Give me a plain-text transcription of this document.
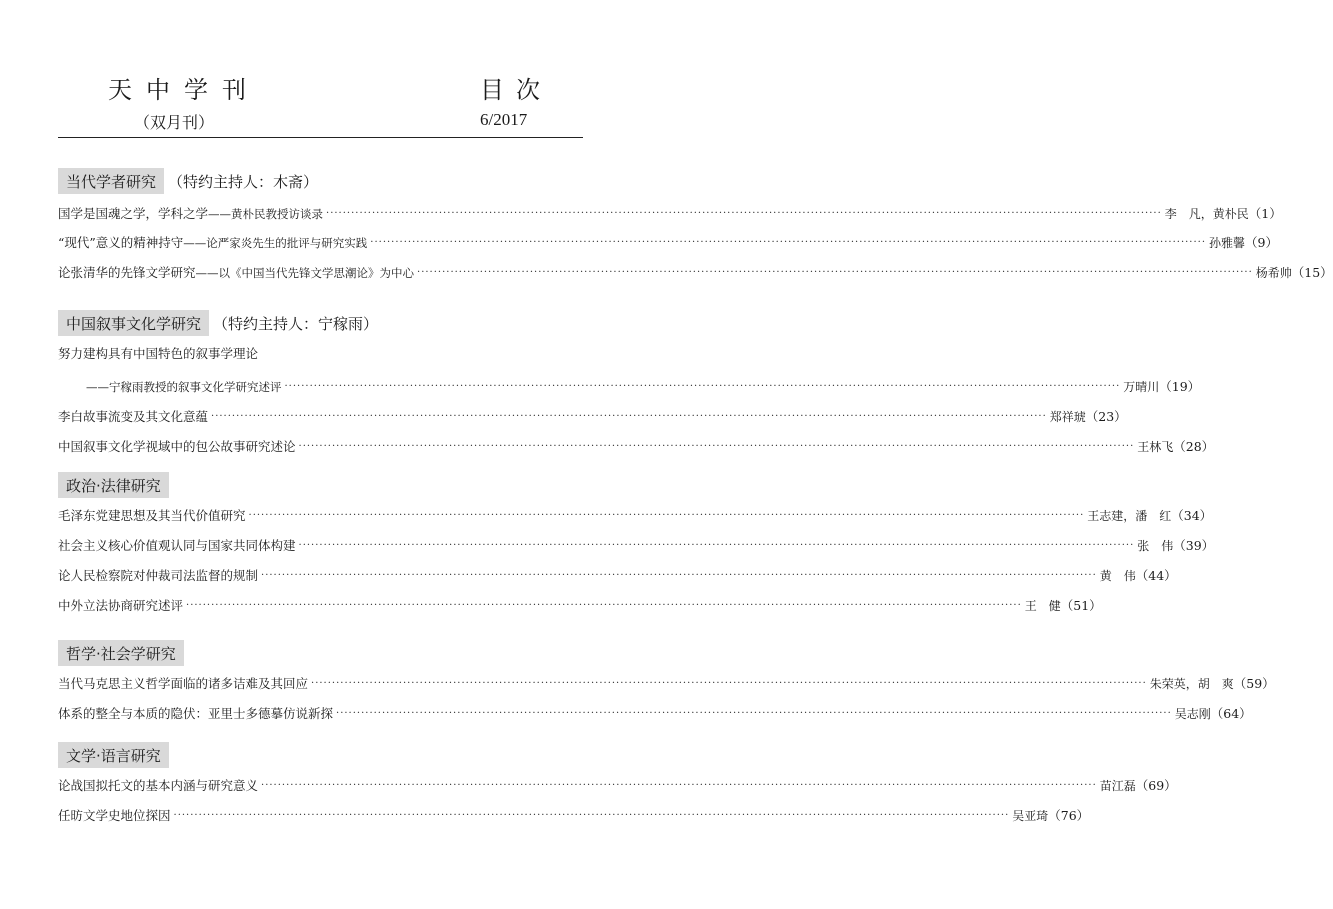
天中学刊	目次
（双月刊）	6/2017
当代学者研究 （特约主持人：木斋）
国学是国魂之学，学科之学——黄朴民教授访谈录 ········································································································································································································ 李　凡，黄朴民 （1）
“现代”意义的精神持守——论严家炎先生的批评与研究实践 ········································································································································································································ 孙雅馨 （9）
论张清华的先锋文学研究——以《中国当代先锋文学思潮论》为中心 ········································································································································································································ 杨希帅 （15）
中国叙事文化学研究 （特约主持人：宁稼雨）
努力建构具有中国特色的叙事学理论
——宁稼雨教授的叙事文化学研究述评 ········································································································································································································ 万晴川 （19）
李白故事流变及其文化意蕴 ········································································································································································································ 郑祥琥 （23）
中国叙事文化学视域中的包公故事研究述论 ········································································································································································································ 王林飞 （28）
政治·法律研究
毛泽东党建思想及其当代价值研究 ········································································································································································································ 王志建，潘　红 （34）
社会主义核心价值观认同与国家共同体构建 ········································································································································································································ 张　伟 （39）
论人民检察院对仲裁司法监督的规制 ········································································································································································································ 黄　伟 （44）
中外立法协商研究述评 ········································································································································································································ 王　健 （51）
哲学·社会学研究
当代马克思主义哲学面临的诸多诘难及其回应 ········································································································································································································ 朱荣英，胡　爽 （59）
体系的整全与本质的隐伏：亚里士多德摹仿说新探 ········································································································································································································ 吴志刚 （64）
文学·语言研究
论战国拟托文的基本内涵与研究意义 ········································································································································································································ 苗江磊 （69）
任昉文学史地位探因 ········································································································································································································ 吴亚琦 （76）
